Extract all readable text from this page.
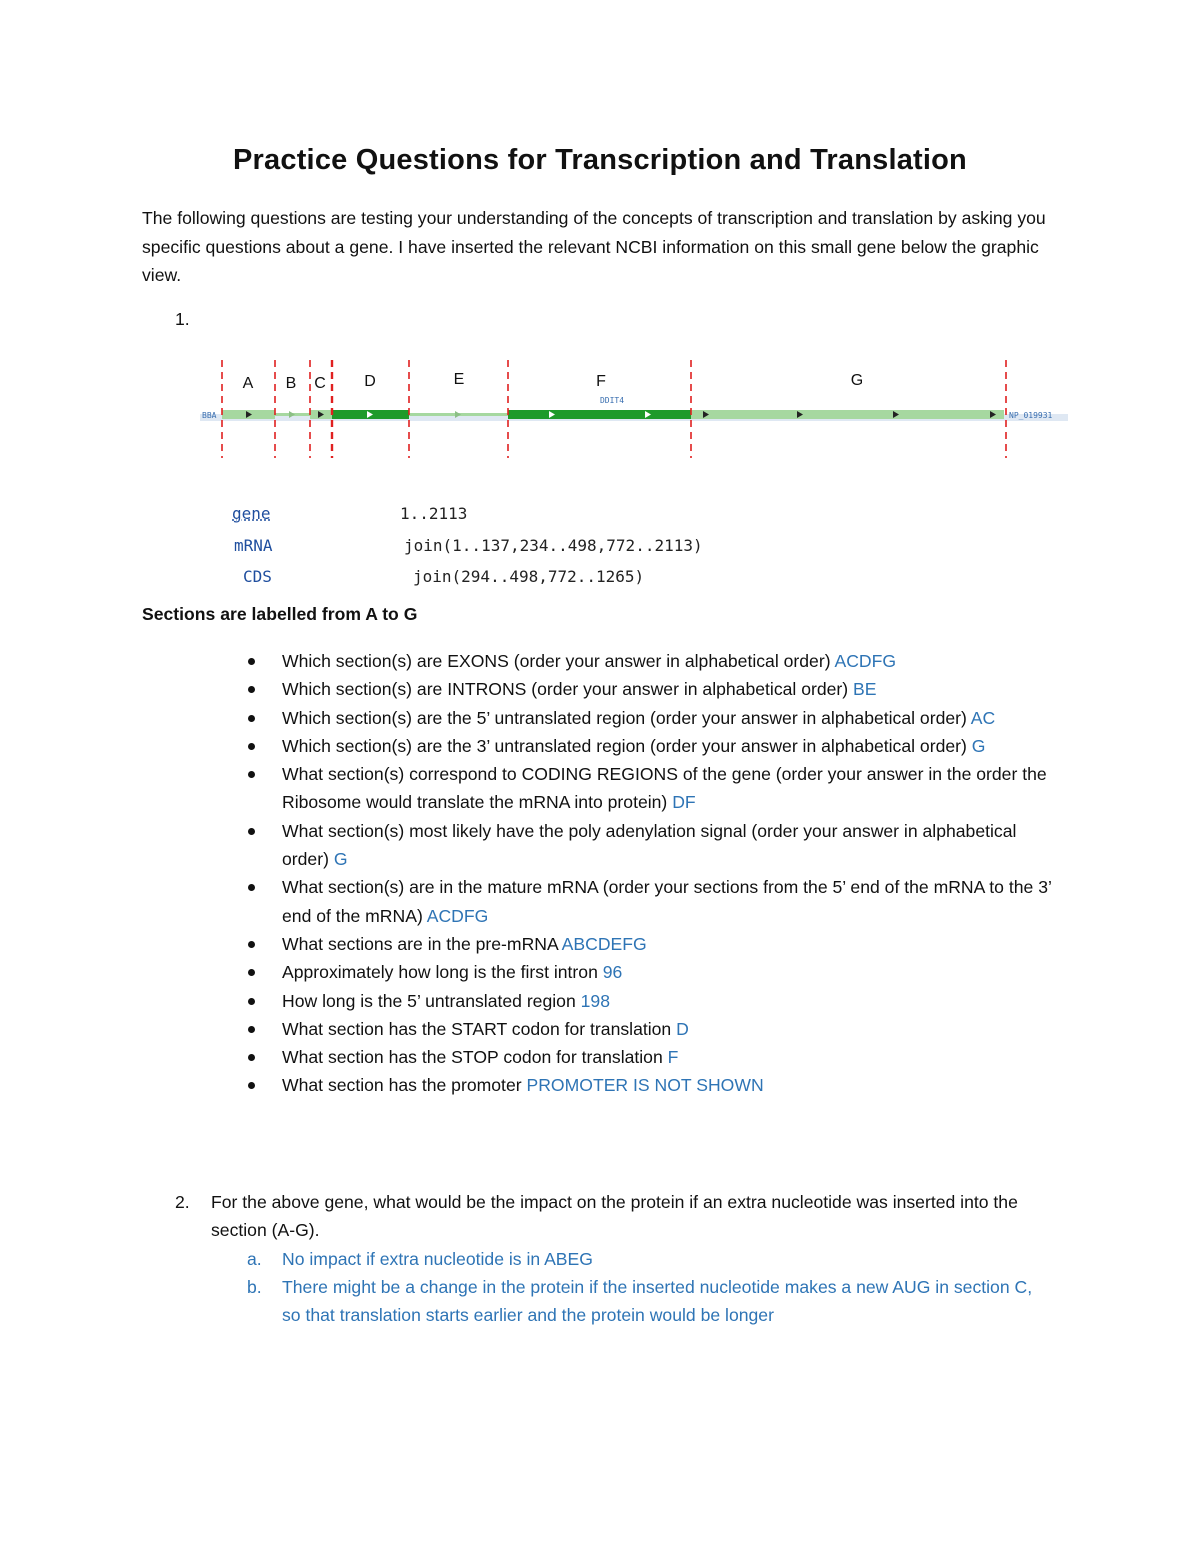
Practice Questions for Transcription and Translation

The following questions are testing your understanding of the concepts of transcription and translation by asking you specific questions about a gene. I have inserted the relevant NCBI information on this small gene below the graphic view.

1.
A B C D	E	F	G
DDIT4
BBA	NP_019931

gene

	1..2113

mRNA

	join(1..137,234..498,772..2113)

CDS

	join(294..498,772..1265)

Sections are labelled from A to G
Which section(s) are EXONS (order your answer in alphabetical order) ACDFG
Which section(s) are INTRONS (order your answer in alphabetical order) BE
Which section(s) are the 5’ untranslated region (order your answer in alphabetical order) AC
Which section(s) are the 3’ untranslated region (order your answer in alphabetical order) G
What section(s) correspond to CODING REGIONS of the gene (order your answer in the order the Ribosome would translate the mRNA into protein) DF
What section(s) most likely have the poly adenylation signal (order your answer in alphabetical order) G
What section(s) are in the mature mRNA (order your sections from the 5’ end of the mRNA to the 3’ end of the mRNA) ACDFG
What sections are in the pre-mRNA ABCDEFG
Approximately how long is the first intron 96
How long is the 5’ untranslated region 198
What section has the START codon for translation D
What section has the STOP codon for translation F
What section has the promoter PROMOTER IS NOT SHOWN
2.	For the above gene, what would be the impact on the protein if an extra nucleotide was inserted into the section (A-G).
a. No impact if extra nucleotide is in ABEG
b. There might be a change in the protein if the inserted nucleotide makes a new AUG in section C, so that translation starts earlier and the protein would be longer
